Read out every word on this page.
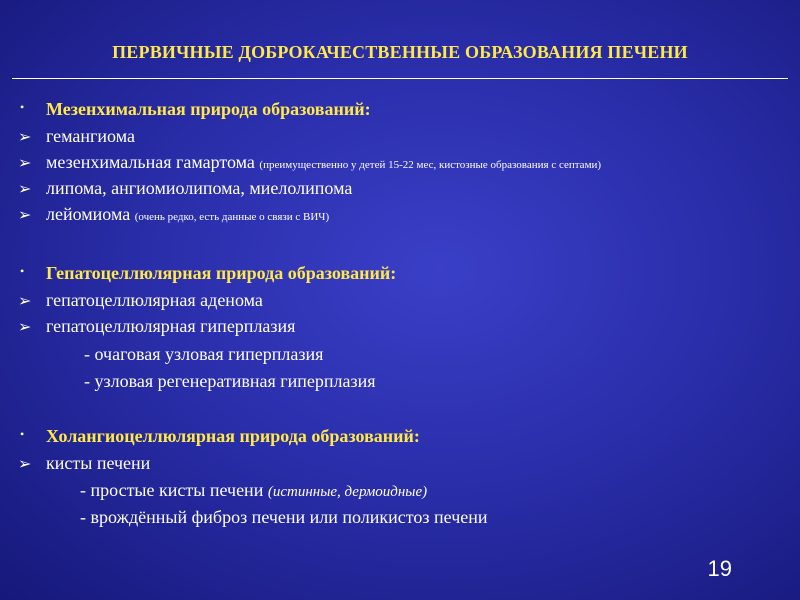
ПЕРВИЧНЫЕ ДОБРОКАЧЕСТВЕННЫЕ ОБРАЗОВАНИЯ ПЕЧЕНИ
• Мезенхимальная природа образований:
➢ гемангиома
➢ мезенхимальная гамартома (преимущественно у детей 15-22 мес, кистозные образования с септами)
➢ липома, ангиомиолипома, миелолипома
➢ лейомиома (очень редко, есть данные о связи с ВИЧ)
• Гепатоцеллюлярная природа образований:
➢ гепатоцеллюлярная аденома
➢ гепатоцеллюлярная гиперплазия
- очаговая узловая гиперплазия
- узловая регенеративная гиперплазия
• Холангиоцеллюлярная природа образований:
➢ кисты печени
- простые кисты печени (истинные, дермоидные)
- врождённый фиброз печени или поликистоз печени
19
